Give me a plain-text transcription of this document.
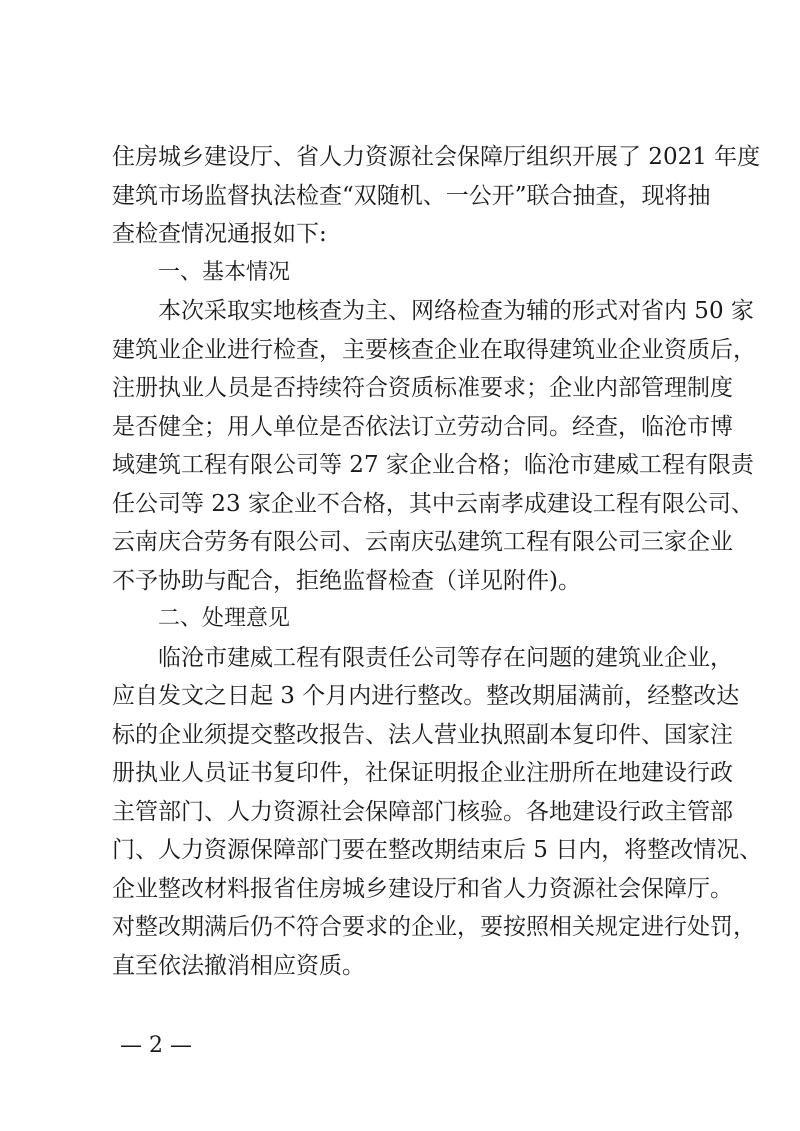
住房城乡建设厅、省人力资源社会保障厅组织开展了 2021 年度
建筑市场监督执法检查“双随机、一公开”联合抽查，现将抽
查检查情况通报如下:
一、基本情况
本次采取实地核查为主、网络检查为辅的形式对省内 50 家
建筑业企业进行检查，主要核查企业在取得建筑业企业资质后，
注册执业人员是否持续符合资质标准要求；企业内部管理制度
是否健全；用人单位是否依法订立劳动合同。经查，临沧市博
域建筑工程有限公司等 27 家企业合格；临沧市建威工程有限责
任公司等 23 家企业不合格，其中云南孝成建设工程有限公司、
云南庆合劳务有限公司、云南庆弘建筑工程有限公司三家企业
不予协助与配合，拒绝监督检查（详见附件)。
二、处理意见
临沧市建威工程有限责任公司等存在问题的建筑业企业，
应自发文之日起 3 个月内进行整改。整改期届满前，经整改达
标的企业须提交整改报告、法人营业执照副本复印件、国家注
册执业人员证书复印件，社保证明报企业注册所在地建设行政
主管部门、人力资源社会保障部门核验。各地建设行政主管部
门、人力资源保障部门要在整改期结束后 5 日内，将整改情况、
企业整改材料报省住房城乡建设厅和省人力资源社会保障厅。
对整改期满后仍不符合要求的企业，要按照相关规定进行处罚，
直至依法撤消相应资质。
— 2 —
